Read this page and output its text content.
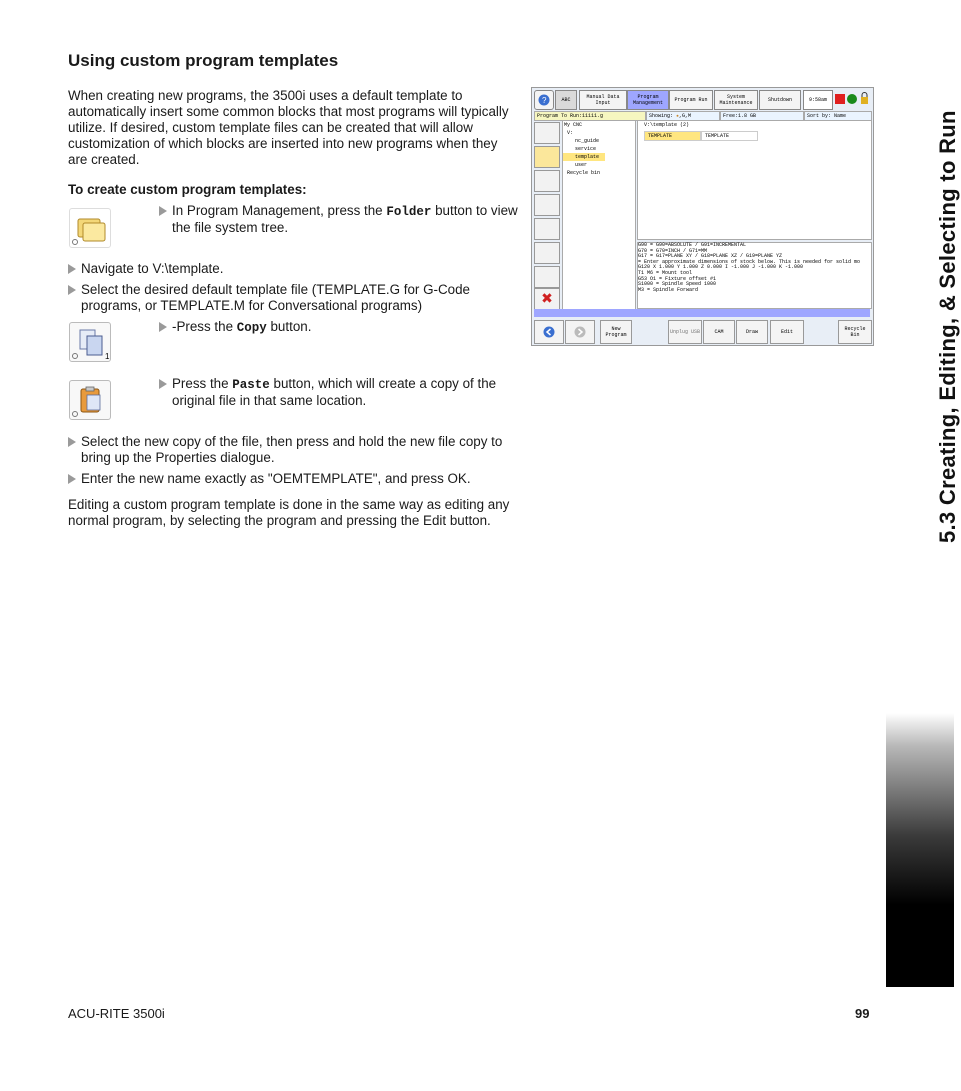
Using custom program templates
When creating new programs, the 3500i uses a default template to automatically insert some common blocks that most programs will typically utilize. If desired, custom template files can be created that will allow customization of which blocks are inserted into new programs when they are created.
To create custom program templates:
In Program Management, press the Folder button to view the file system tree.
Navigate to V:\template.
Select the desired default template file (TEMPLATE.G for G-Code programs, or TEMPLATE.M for Conversational programs)
1
-Press the Copy button.
Press the Paste button, which will create a copy of the original file in that same location.
Select the new copy of the file, then press and hold the new file copy to bring up the Properties dialogue.
Enter the new name exactly as "OEMTEMPLATE", and press OK.
Editing a custom program template is done in the same way as editing any normal program, by selecting the program and pressing the Edit button.
?	ABC	Manual Data Input
Program Management	Program Run	System Maintenance	Shutdown	9:58am
Program To Run:11111.g	Showing: ★,G,M	Free:1.8 GB	Sort by: Name
✖
My CNC
V:
nc_guide
service
template
user
Recycle bin
V:\template (2)
TEMPLATE	TEMPLATE
G90 = G90=ABSOLUTE / G91=INCREMENTAL
G70 = G70=INCH / G71=MM
G17 = G17=PLANE XY / G18=PLANE XZ / G19=PLANE YZ
= Enter approximate dimensions of stock below. This is needed for solid mo
G120 X 1.000 Y 1.000 Z 0.000 I -1.000 J -1.000 K -1.000
T1 M6 = Mount tool
G53 O1 = Fixture offset #1
S1000 = Spindle Speed 1000
M3 = Spindle Forward
New Program	Unplug USB	CAM	Draw	Edit	Recycle Bin	5.3 Creating, Editing, & Selecting to Run
ACU-RITE 3500i	99
